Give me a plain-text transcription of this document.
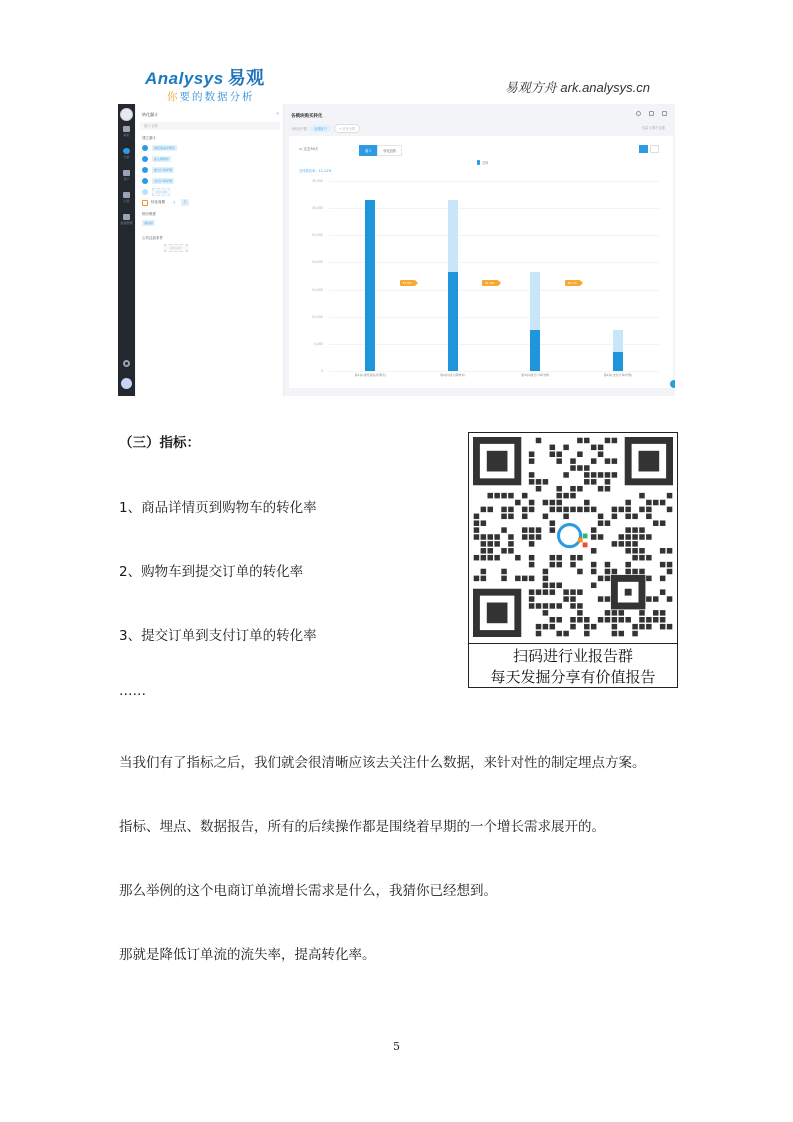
Analysys 易观
你要的数据分析
易观方舟 ark.analysys.cn
看板
分析
用户
运营
数据管理
转化漏斗	«
漏斗名称
建立漏斗
浏览商品详情页
加入购物车
提交订单详情
支付订单详情
添加步骤
转化周期 7	天
细分维度
请选择
公共过滤条件
添加条件
各模块购买转化
分析用户群	全部用户	+ 对比分群	全量 计算不去重
▭ 过去30天	漏斗	转化趋势
总体
总体转化率：11.11%
0
5,000
10,000
15,000
20,000
25,000
30,000
35,000
第1步(浏览商品详情页)
57.6%
第2步(加入购物车)
41.9%
第3步(提交订单详情)
46.1%
第4步(支付订单详情)
（三）指标：
1、商品详情页到购物车的转化率
2、购物车到提交订单的转化率
3、提交订单到支付订单的转化率
……
当我们有了指标之后，我们就会很清晰应该去关注什么数据，来针对性的制定埋点方案。
指标、埋点、数据报告，所有的后续操作都是围绕着早期的一个增长需求展开的。
那么举例的这个电商订单流增长需求是什么，我猜你已经想到。
那就是降低订单流的流失率，提高转化率。
扫码进行业报告群
每天发掘分享有价值报告
5
